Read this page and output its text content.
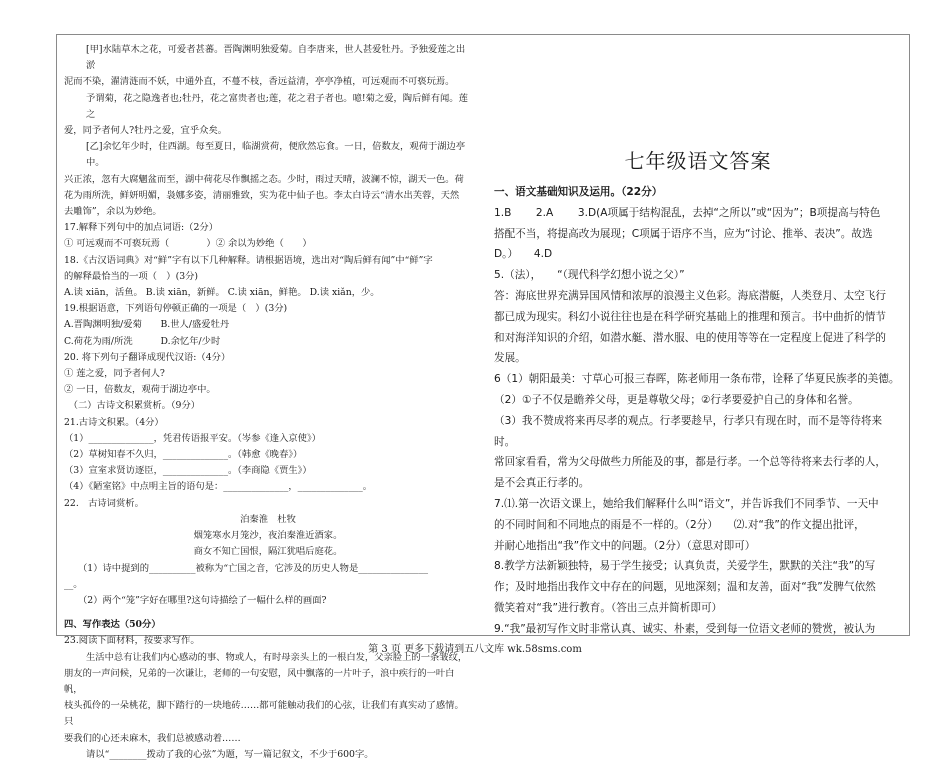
[甲]水陆草木之花，可爱者甚蕃。晋陶渊明独爱菊。自李唐来，世人甚爱牡丹。予独爱莲之出淤

泥而不染，濯清涟而不妖，中通外直，不蔓不枝，香远益清，亭亭净植，可远观而不可亵玩焉。

予谓菊，花之隐逸者也;牡丹，花之富贵者也;莲，花之君子者也。噫!菊之爱，陶后鲜有闻。莲之

爱，同予者何人?牡丹之爱，宜乎众矣。

[乙]余忆年少时，住西湖。每至夏日，临湖赏荷，便欣然忘食。一日，倍数友，观荷于湖边亭中。

兴正浓，忽有大腐魍盆而至，湖中荷花尽作飘摇之态。少时，雨过天晴，波澜不惊，湖天一色。荷

花为雨所洗，鲜妍明媚，袅娜多姿，清丽雅致，实为花中仙子也。李太白诗云“清水出芙蓉，天然

去雕饰”，余以为妙绝。

17.解释下列句中的加点词语:（2分）

① 可远观而不可亵玩焉（　　　　）② 余以为妙绝（　　）

18.《古汉语词典》对“鲜”字有以下几种解释。请根据语境，选出对“陶后鲜有闻”中“鲜”字

的解释最恰当的一项（　）(3分)

A.读 xiān，活鱼。 B.读 xiān，新鲜。 C.读 xiān，鲜艳。 D.读 xiǎn，少。

19.根据语意，下列语句停顿正确的一项是（　）(3分)

A.晋陶渊明独/爱菊　　B.世人/盛爱牡丹

C.荷花为雨/所洗　　　D.余忆年/少时

20. 将下列句子翻译成现代汉语:（4分）

① 莲之爱，同予者何人?

② 一日，倍数友，观荷于湖边亭中。

　（二）古诗文积累赏析。（9分）

21.古诗文积累。（4分）

（1）______________，凭君传语报平安。（岑参《逢入京使》）

（2）草树知春不久归，______________。（韩愈《晚春》）

（3）宣室求贤访逐臣，______________。（李商隐《贾生》）

（4）《陋室铭》中点明主旨的语句是：______________，______________。

22.　古诗词赏析。

泊秦淮　杜牧

烟笼寒水月笼沙，夜泊秦淮近酒家。

商女不知亡国恨，隔江犹唱后庭花。

（1）诗中提到的__________被称为“亡国之音，它涉及的历史人物是_______________

__。

（2）两个“笼”字好在哪里?这句诗描绘了一幅什么样的画面?

四、写作表达（50分）

23.阅读下面材料，按要求写作。

生活中总有让我们内心感动的事、物或人，有时母亲头上的一根白发，父亲脸上的一条皱纹，

朋友的一声问候，兄弟的一次谦让，老师的一句安慰，风中飘落的一片叶子，浪中疾行的一叶白帆，

枝头孤伶的一朵桃花，脚下踏行的一块地砖……都可能触动我们的心弦，让我们有真实动了感情。只

要我们的心还未麻木，我们总被感动着……

请以“________拨动了我的心弦”为题，写一篇记叙文，不少于600字。

七年级语文答案

一、语文基础知识及运用。（22分）

1.B　　 2.A　　 3.D(A项属于结构混乱，去掉“之所以”或“因为”；B项提高与特色

搭配不当，将提高改为展现；C项属于语序不当，应为“讨论、推举、表决”。故选

D。）　　4.D

5.（法），　　“（现代科学幻想小说之父）”

答：海底世界充满异国风情和浓厚的浪漫主义色彩。海底潜艇，人类登月、太空飞行

都已成为现实。科幻小说往往也是在科学研究基础上的推理和预言。书中曲折的情节

和对海洋知识的介绍，如潜水艇、潜水服、电的使用等等在一定程度上促进了科学的

发展。

6（1）朝阳最美：寸草心可报三春晖，陈老师用一条布带，诠释了华夏民族孝的美德。

（2）①子不仅是瞻养父母，更是尊敬父母；②行孝要爱护自己的身体和名誉。

（3）我不赞成将来再尽孝的观点。行孝要趁早，行孝只有现在时，而不是等待将来时。

常回家看看，常为父母做些力所能及的事，都是行孝。一个总等待将来去行孝的人，

是不会真正行孝的。

7.⑴.第一次语文课上，她给我们解释什么叫“语文”，并告诉我们不同季节、一天中

的不同时间和不同地点的雨是不一样的。（2分）　　⑵.对“我”的作文提出批评，

并耐心地指出“我”作文中的问题。（2分）（意思对即可）

8.教学方法新颖独特，易于学生接受；认真负责，关爱学生，默默的关注“我”的写

作；及时地指出我作文中存在的问题，见地深刻；温和友善，面对“我”发脾气依然

微笑着对“我”进行教育。（答出三点并简析即可）

9.“我”最初写作文时非常认真、诚实、朴素，受到每一位语文老师的赞赏，被认为

第 3 页 更多下载请到五八文库 wk.58sms.com
